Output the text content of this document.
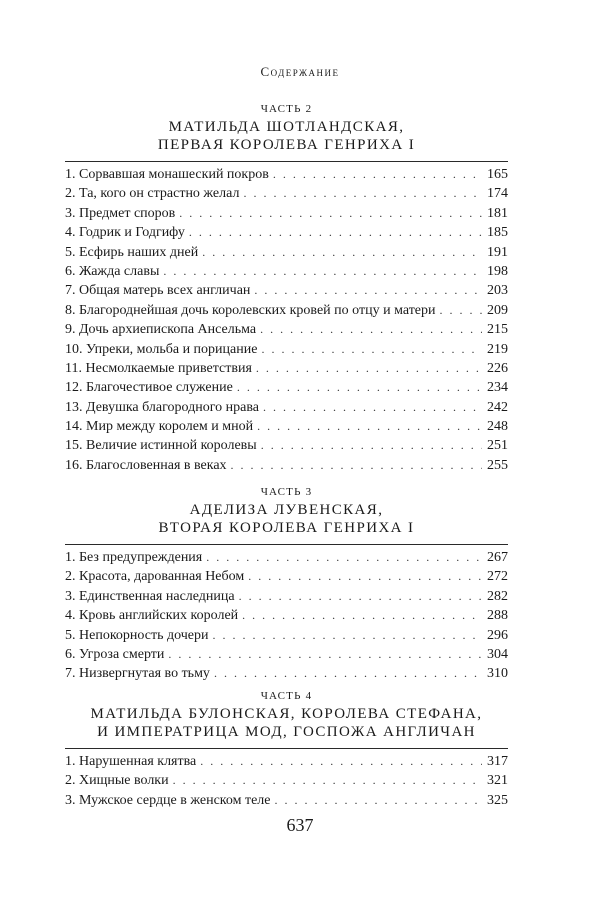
Содержание
ЧАСТЬ 2
МАТИЛЬДА ШОТЛАНДСКАЯ,
ПЕРВАЯ КОРОЛЕВА ГЕНРИХА I
1. Сорвавшая монашеский покров . . .	165
2. Та, кого он страстно желал . . .	174
3. Предмет споров . . .	181
4. Годрик и Годгифу . . .	185
5. Есфирь наших дней . . .	191
6. Жажда славы . . .	198
7. Общая матерь всех англичан . . .	203
8. Благороднейшая дочь королевских кровей по отцу и матери . . .	209
9. Дочь архиепископа Ансельма . . .	215
10. Упреки, мольба и порицание . . .	219
11. Несмолкаемые приветствия . . .	226
12. Благочестивое служение . . .	234
13. Девушка благородного нрава . . .	242
14. Мир между королем и мной . . .	248
15. Величие истинной королевы . . .	251
16. Благословенная в веках . . .	255
ЧАСТЬ 3
АДЕЛИЗА ЛУВЕНСКАЯ,
ВТОРАЯ КОРОЛЕВА ГЕНРИХА I
1. Без предупреждения . . .	267
2. Красота, дарованная Небом . . .	272
3. Единственная наследница . . .	282
4. Кровь английских королей . . .	288
5. Непокорность дочери . . .	296
6. Угроза смерти . . .	304
7. Низвергнутая во тьму . . .	310
ЧАСТЬ 4
МАТИЛЬДА БУЛОНСКАЯ, КОРОЛЕВА СТЕФАНА,
И ИМПЕРАТРИЦА МОД, ГОСПОЖА АНГЛИЧАН
1. Нарушенная клятва . . .	317
2. Хищные волки . . .	321
3. Мужское сердце в женском теле . . .	325
637
